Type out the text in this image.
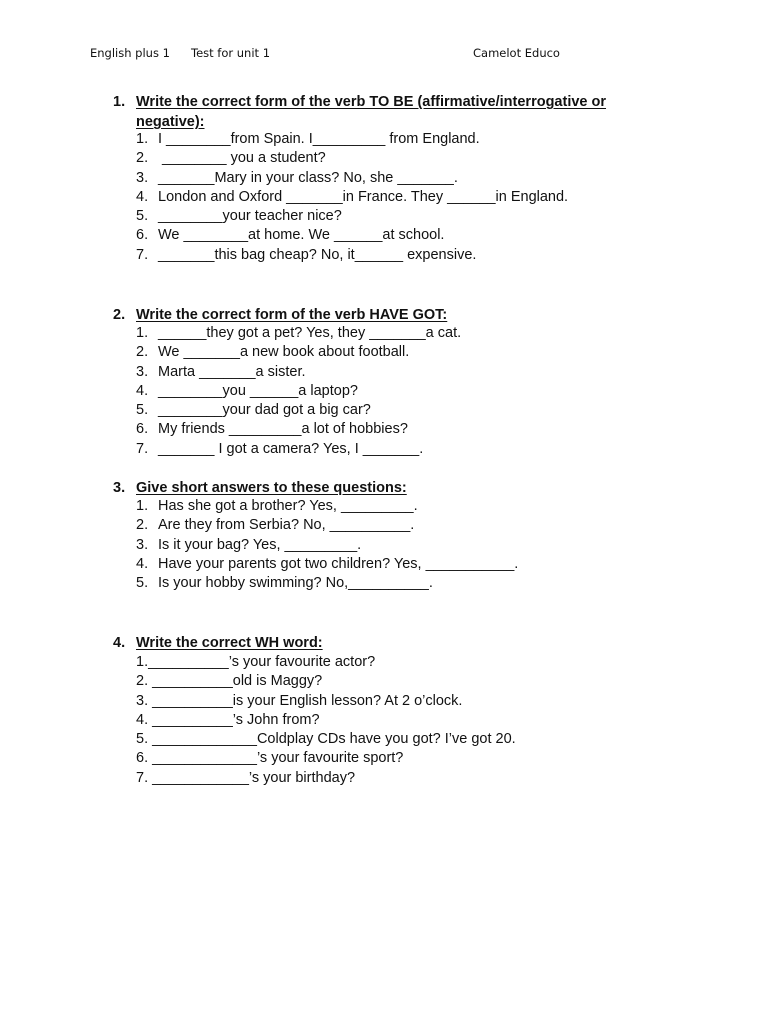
English plus 1 Test for unit 1	Camelot Educo
1. Write the correct form of the verb TO BE (affirmative/interrogative or negative):
1. I ________from Spain. I_________ from England.
2. ________ you a student?
3. _______Mary in your class? No, she _______.
4. London and Oxford _______in France. They ______in England.
5. ________your teacher nice?
6. We ________at home. We ______at school.
7. _______this bag cheap? No, it______ expensive.
2. Write the correct form of the verb HAVE GOT:
1. ______they got a pet? Yes, they _______a cat.
2. We _______a new book about football.
3. Marta _______a sister.
4. ________you ______a laptop?
5. ________your dad got a big car?
6. My friends _________a lot of hobbies?
7. _______ I got a camera? Yes, I _______.
3. Give short answers to these questions:
1. Has she got a brother? Yes, _________.
2. Are they from Serbia? No, __________.
3. Is it your bag? Yes, _________.
4. Have your parents got two children? Yes, ___________.
5. Is your hobby swimming? No,__________.
4. Write the correct WH word:
1.__________’s your favourite actor?
2. __________old is Maggy?
3. __________is your English lesson? At 2 o’clock.
4. __________’s John from?
5. _____________Coldplay CDs have you got? I’ve got 20.
6. _____________’s your favourite sport?
7. ____________’s your birthday?
